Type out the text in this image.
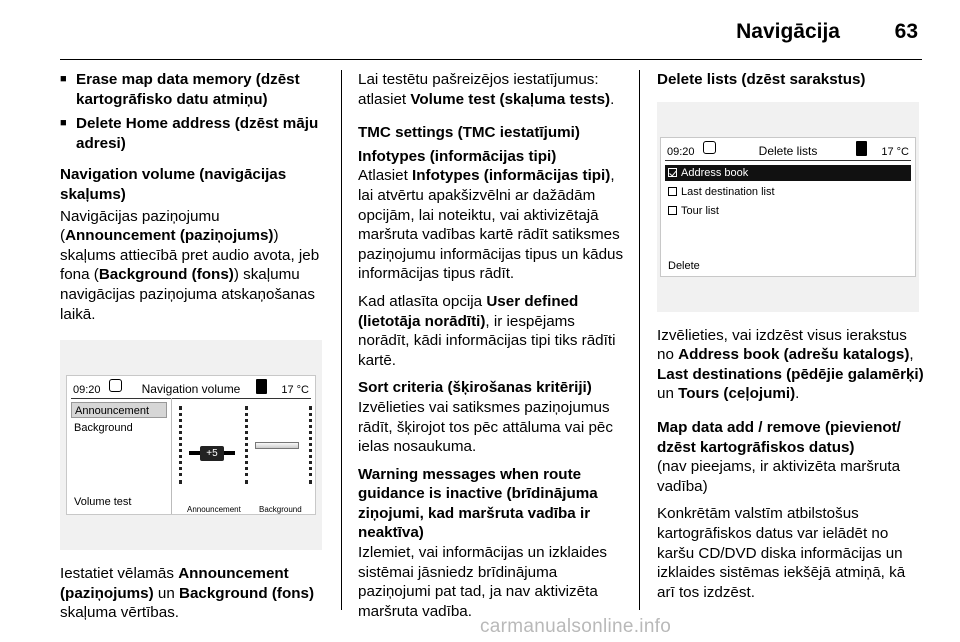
Navigācija	63
■ Erase map data memory (dzēst kartogrāfisko datu atmiņu)
■ Delete Home address (dzēst māju adresi)
Navigation volume (navigācijas skaļums)
Navigācijas paziņojumu (Announcement (paziņojums)) skaļums attiecībā pret audio avota, jeb fona (Background (fons)) skaļumu navigācijas paziņojuma atskaņošanas laikā.
09:20	Navigation volume	17 °C
Announcement
Background
Volume test
+5
Announcement Background
Iestatiet vēlamās Announcement (paziņojums) un Background (fons) skaļuma vērtības.
Lai testētu pašreizējos iestatījumus: atlasiet Volume test (skaļuma tests).
TMC settings (TMC iestatījumi)
Infotypes (informācijas tipi)
Atlasiet Infotypes (informācijas tipi), lai atvērtu apakšizvēlni ar dažādām opcijām, lai noteiktu, vai aktivizētajā maršruta vadības kartē rādīt satiksmes paziņojumu informācijas tipus un kādus informācijas tipus rādīt.
Kad atlasīta opcija User defined (lietotāja norādīti), ir iespējams norādīt, kādi informācijas tipi tiks rādīti kartē.
Sort criteria (šķirošanas kritēriji)
Izvēlieties vai satiksmes paziņojumus rādīt, šķirojot tos pēc attāluma vai pēc ielas nosaukuma.
Warning messages when route guidance is inactive (brīdinājuma ziņojumi, kad maršruta vadība ir neaktīva)
Izlemiet, vai informācijas un izklaides sistēmai jāsniedz brīdinājuma paziņojumi pat tad, ja nav aktivizēta maršruta vadība.
Delete lists (dzēst sarakstus)
09:20	Delete lists	17 °C
Address book
Last destination list
Tour list
Delete
Izvēlieties, vai izdzēst visus ierakstus no Address book (adrešu katalogs), Last destinations (pēdējie galamērķi) un Tours (ceļojumi).
Map data add / remove (pievienot/ dzēst kartogrāfiskos datus)
(nav pieejams, ir aktivizēta maršruta vadība)
Konkrētām valstīm atbilstošus kartogrāfiskos datus var ielādēt no karšu CD/DVD diska informācijas un izklaides sistēmas iekšējā atmiņā, kā arī tos izdzēst.
carmanualsonline.info
